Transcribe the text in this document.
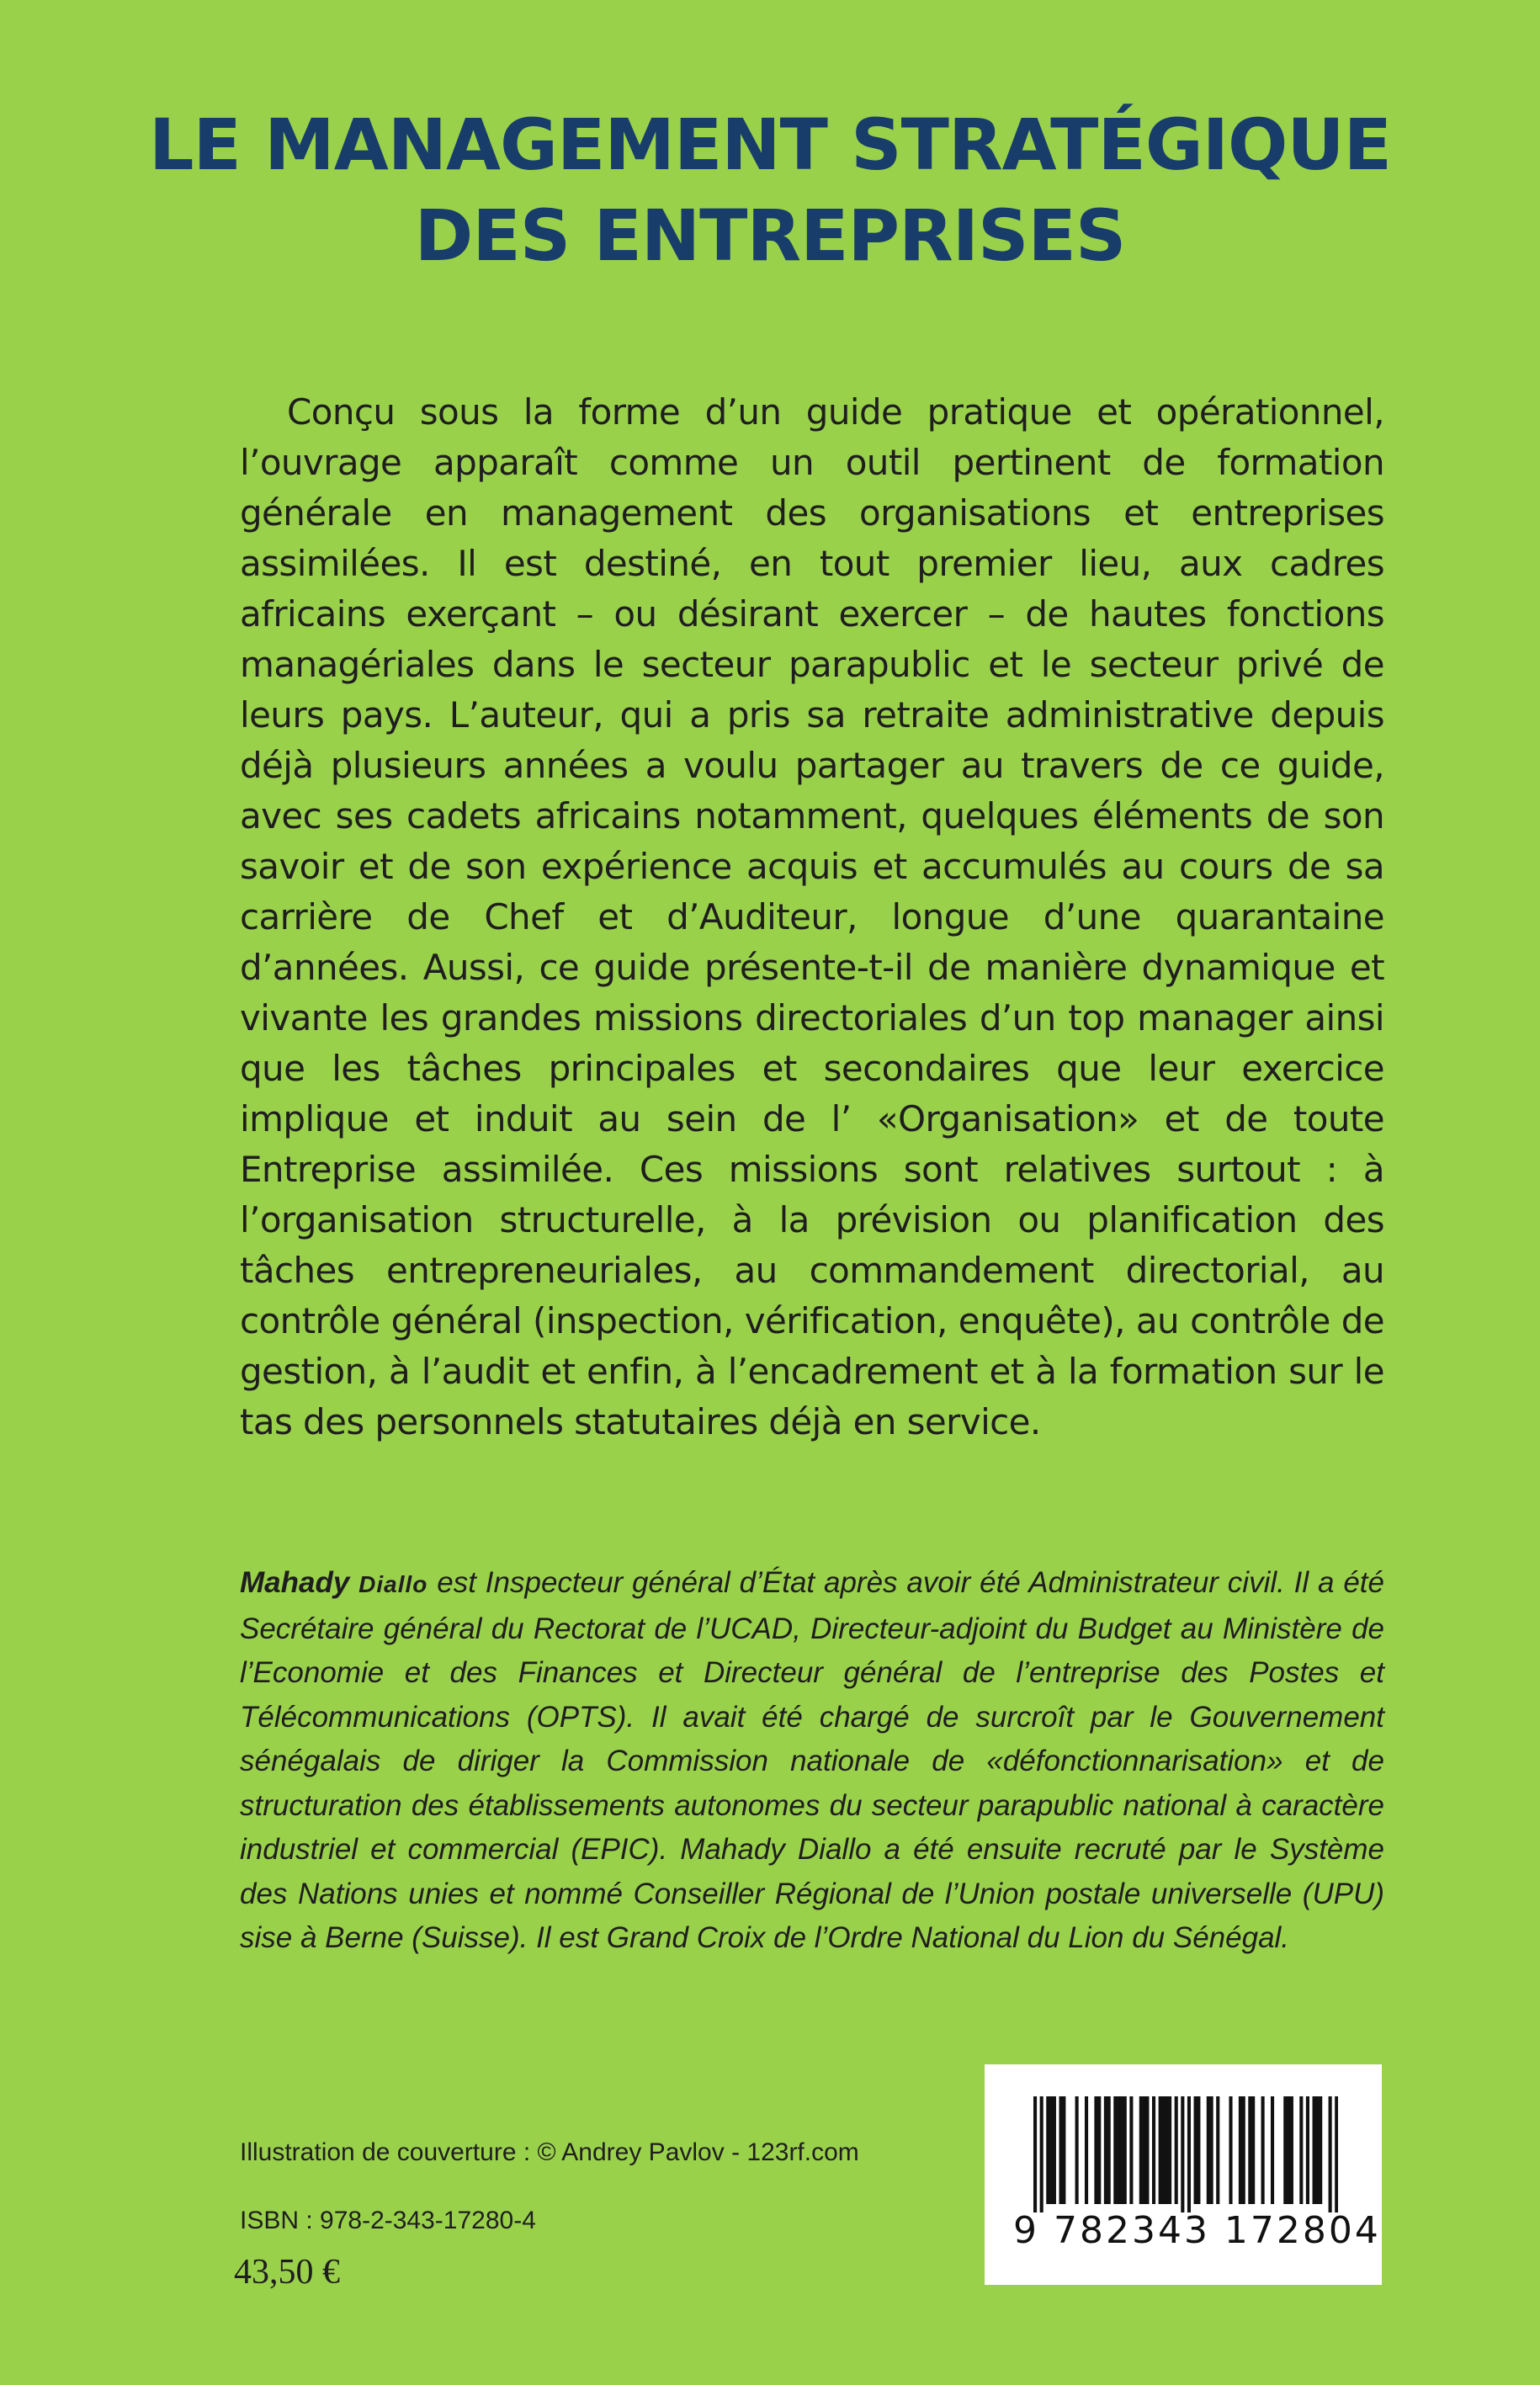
LE MANAGEMENT STRATÉGIQUE
DES ENTREPRISES

Conçu sous la forme d’un guide pratique et opérationnel, l’ouvrage apparaît comme un outil pertinent de formation générale en management des organisations et entreprises assimilées. Il est destiné, en tout premier lieu, aux cadres africains exerçant – ou désirant exercer – de hautes fonctions managériales dans le secteur parapublic et le secteur privé de leurs pays. L’auteur, qui a pris sa retraite administrative depuis déjà plusieurs années a voulu partager au travers de ce guide, avec ses cadets africains notamment, quelques éléments de son savoir et de son expérience acquis et accumulés au cours de sa carrière de Chef et d’Auditeur, longue d’une quarantaine d’années. Aussi, ce guide présente-t-il de manière dynamique et vivante les grandes missions directoriales d’un top manager ainsi que les tâches principales et secondaires que leur exercice implique et induit au sein de l’ «Organisation» et de toute Entreprise assimilée. Ces missions sont relatives surtout : à l’organisation structurelle, à la prévision ou planification des tâches entrepreneuriales, au commandement directorial, au contrôle général (inspection, vérification, enquête), au contrôle de gestion, à l’audit et enfin, à l’encadrement et à la formation sur le tas des personnels statutaires déjà en service.

Mahady Diallo est Inspecteur général d’État après avoir été Administrateur civil. Il a été Secrétaire général du Rectorat de l’UCAD, Directeur-adjoint du Budget au Ministère de l’Economie et des Finances et Directeur général de l’entreprise des Postes et Télécommunications (OPTS). Il avait été chargé de surcroît par le Gouvernement sénégalais de diriger la Commission nationale de «défonctionnarisation» et de structuration des établissements autonomes du secteur parapublic national à caractère industriel et commercial (EPIC). Mahady Diallo a été ensuite recruté par le Système des Nations unies et nommé Conseiller Régional de l’Union postale universelle (UPU) sise à Berne (Suisse). Il est Grand Croix de l’Ordre National du Lion du Sénégal.

Illustration de couverture : © Andrey Pavlov - 123rf.com

ISBN : 978-2-343-17280-4

43,50 €

9 782343 172804
